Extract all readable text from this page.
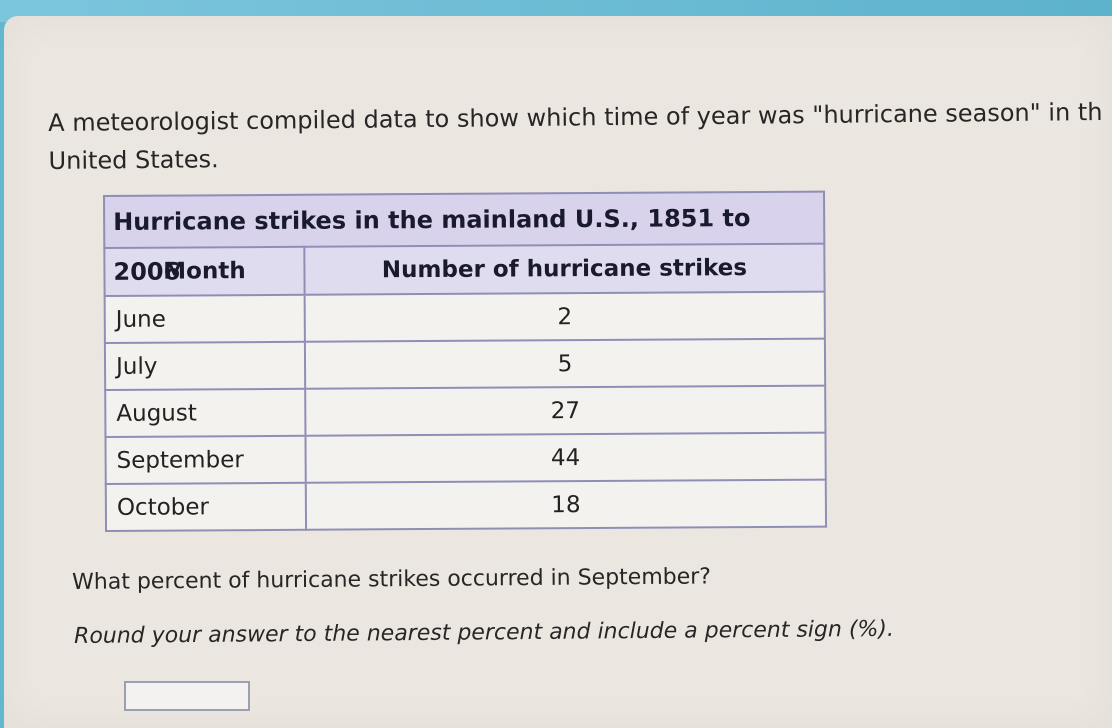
A meteorologist compiled data to show which time of year was "hurricane season" in th
United States.
Hurricane strikes in the mainland U.S., 1851 to 2006
Month	Number of hurricane strikes
June	2
July	5
August	27
September	44
October	18
What percent of hurricane strikes occurred in September?
Round your answer to the nearest percent and include a percent sign (%).
